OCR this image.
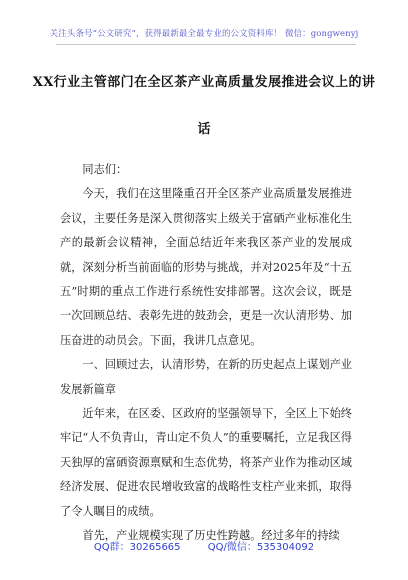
关注头条号“公文研究”，获得最新最全最专业的公文资料库！ 微信：gongwenyj
XX行业主管部门在全区茶产业高质量发展推进会议上的讲
话

同志们：

今天，我们在这里隆重召开全区茶产业高质量发展推进会议，主要任务是深入贯彻落实上级关于富硒产业标准化生产的最新会议精神，全面总结近年来我区茶产业的发展成就，深刻分析当前面临的形势与挑战，并对2025年及“十五五”时期的重点工作进行系统性安排部署。这次会议，既是一次回顾总结、表彰先进的鼓劲会，更是一次认清形势、加压奋进的动员会。下面，我讲几点意见。

一、回顾过去，认清形势，在新的历史起点上谋划产业发展新篇章

近年来，在区委、区政府的坚强领导下，全区上下始终牢记“人不负青山，青山定不负人”的重要嘱托，立足我区得天独厚的富硒资源禀赋和生态优势，将茶产业作为推动区域经济发展、促进农民增收致富的战略性支柱产业来抓，取得了令人瞩目的成绩。

首先，产业规模实现了历史性跨越。经过多年的持续

QQ群：30265665	QQ/微信：535304092
